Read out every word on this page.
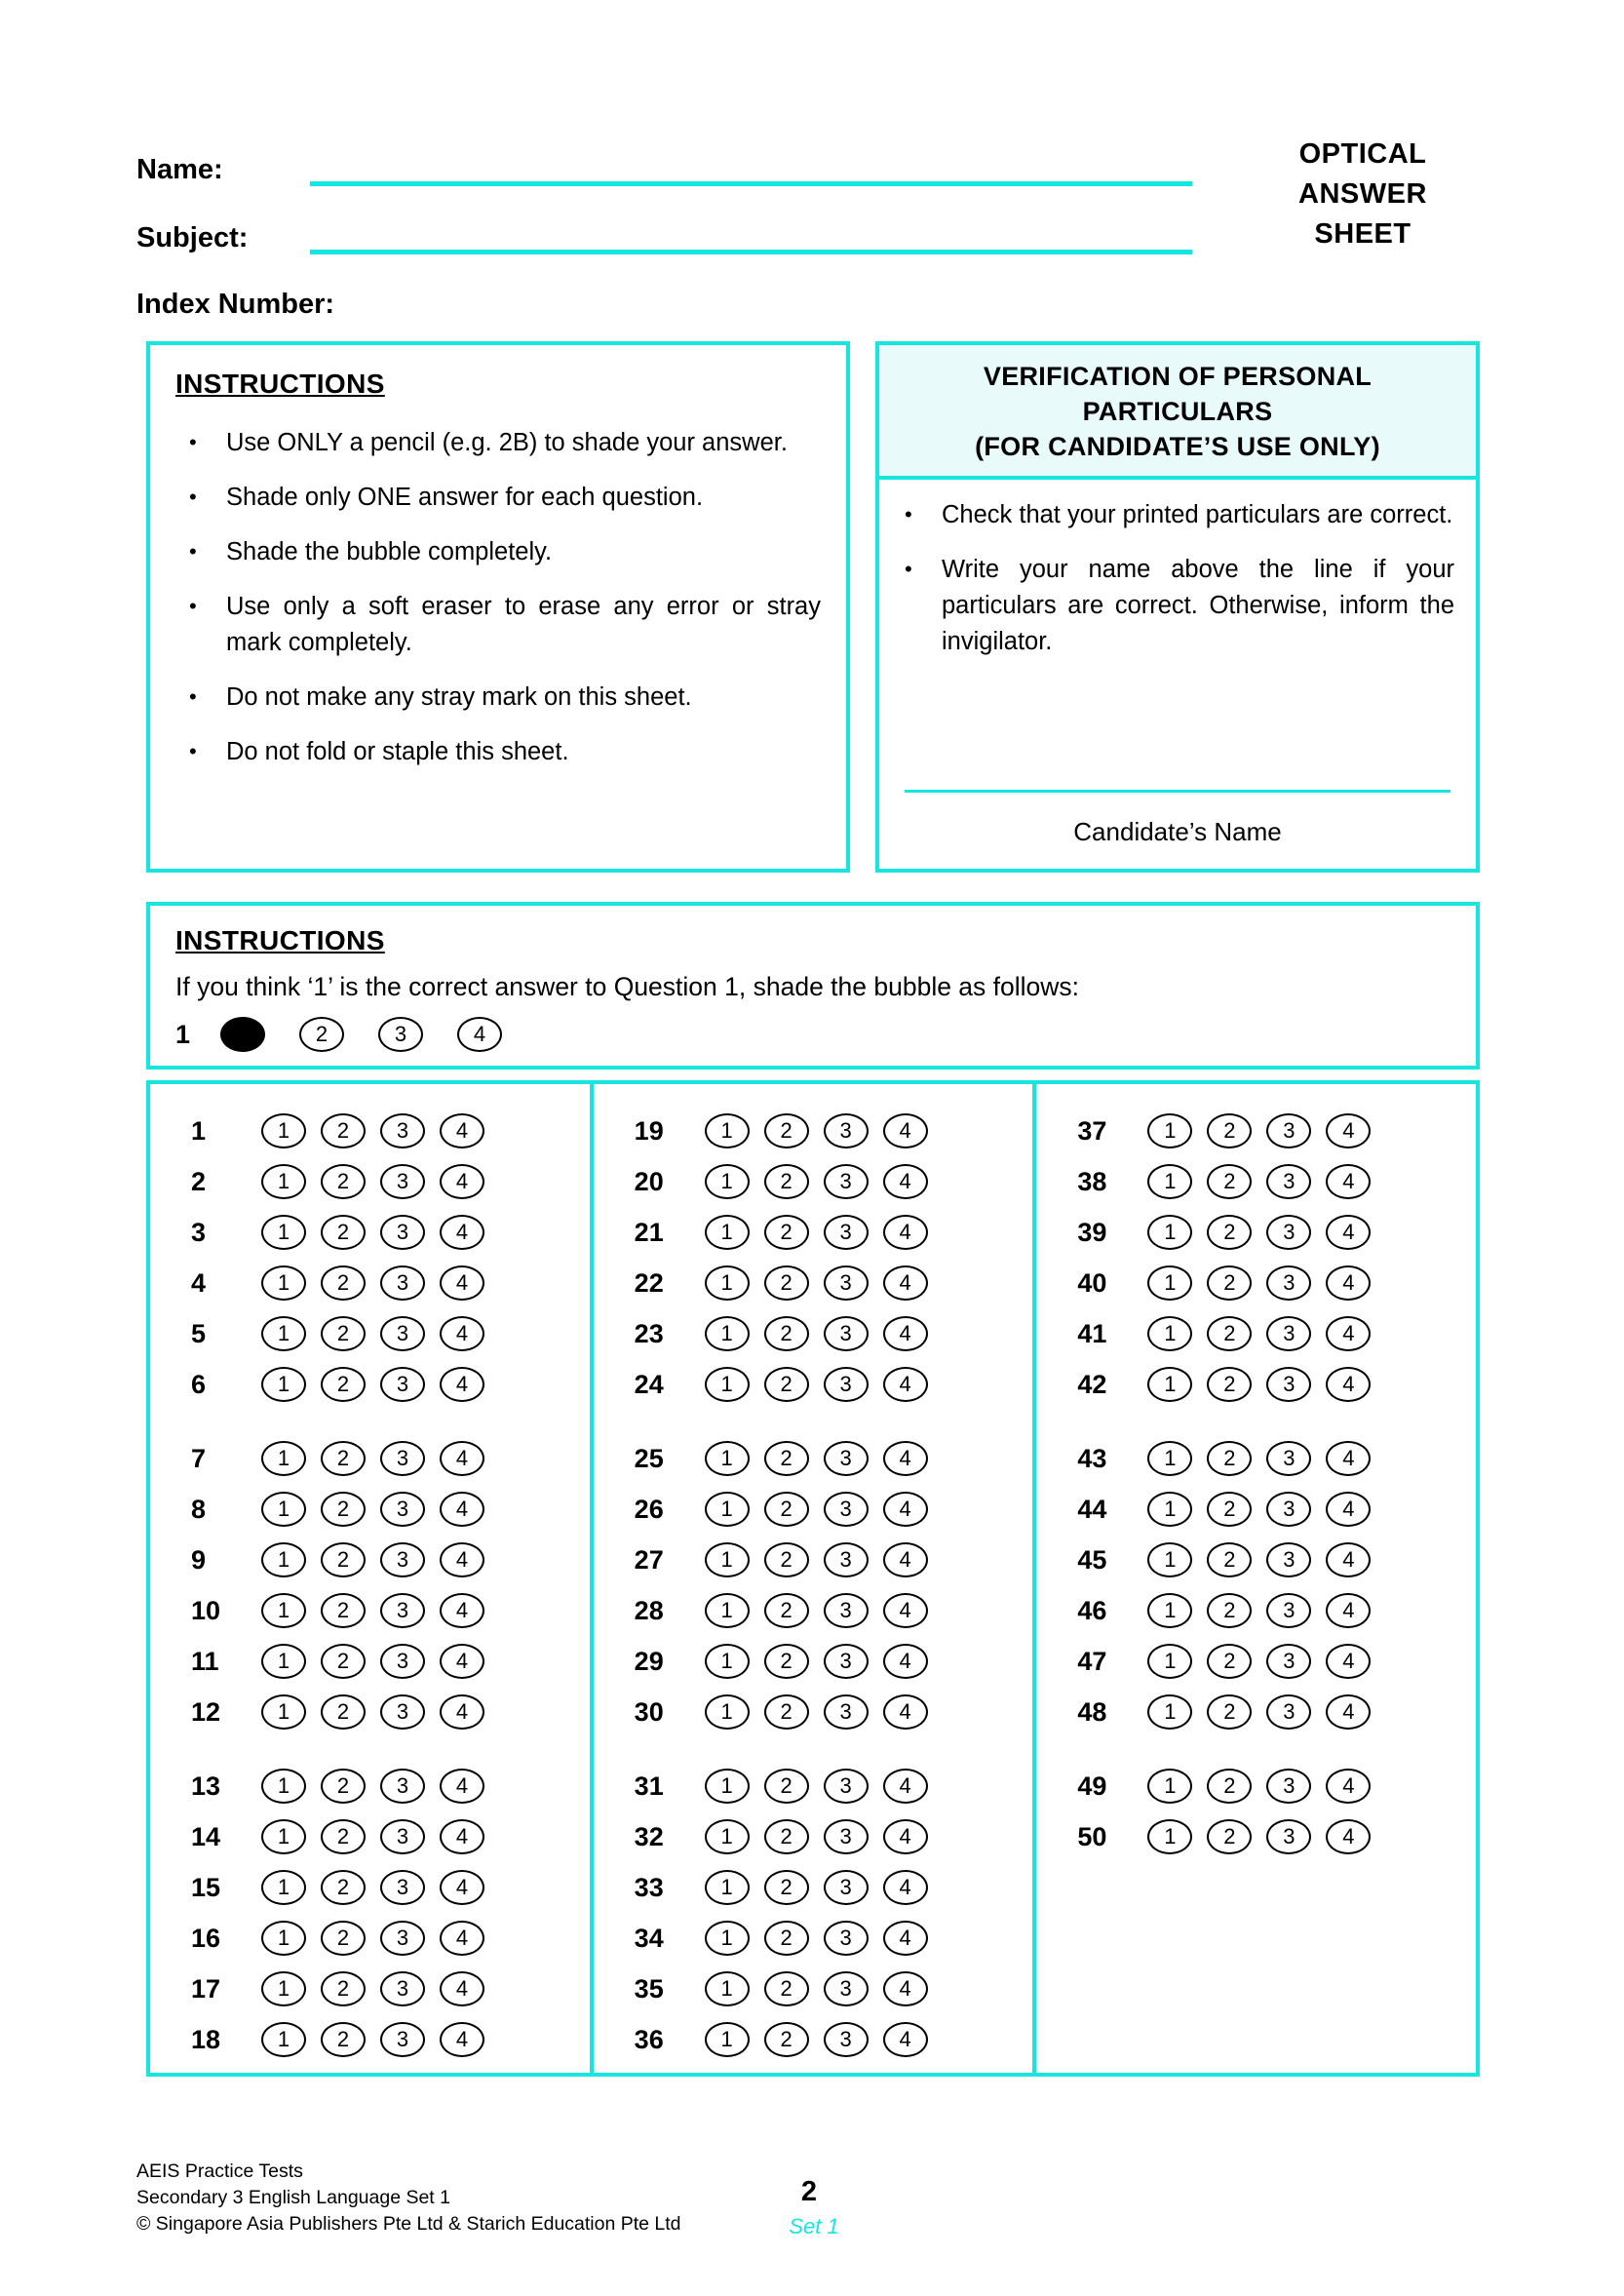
Name:
Subject:
Index Number:
OPTICAL
ANSWER
SHEET
INSTRUCTIONS
• Use ONLY a pencil (e.g. 2B) to shade your answer.
• Shade only ONE answer for each question.
• Shade the bubble completely.
• Use only a soft eraser to erase any error or stray mark completely.
• Do not make any stray mark on this sheet.
• Do not fold or staple this sheet.
VERIFICATION OF PERSONAL
PARTICULARS
(FOR CANDIDATE’S USE ONLY)
• Check that your printed particulars are correct.
• Write your name above the line if your particulars are correct. Otherwise, inform the invigilator.
Candidate’s Name
INSTRUCTIONS
If you think ‘1’ is the correct answer to Question 1, shade the bubble as follows:
1	2	3	4
1	1	2	3	4
2	1	2	3	4
3	1	2	3	4
4	1	2	3	4
5	1	2	3	4
6	1	2	3	4
7	1	2	3	4
8	1	2	3	4
9	1	2	3	4
10	1	2	3	4
11	1	2	3	4
12	1	2	3	4
13	1	2	3	4
14	1	2	3	4
15	1	2	3	4
16	1	2	3	4
17	1	2	3	4
18	1	2	3	4
19	1	2	3	4
20	1	2	3	4
21	1	2	3	4
22	1	2	3	4
23	1	2	3	4
24	1	2	3	4
25	1	2	3	4
26	1	2	3	4
27	1	2	3	4
28	1	2	3	4
29	1	2	3	4
30	1	2	3	4
31	1	2	3	4
32	1	2	3	4
33	1	2	3	4
34	1	2	3	4
35	1	2	3	4
36	1	2	3	4
37	1	2	3	4
38	1	2	3	4
39	1	2	3	4
40	1	2	3	4
41	1	2	3	4
42	1	2	3	4
43	1	2	3	4
44	1	2	3	4
45	1	2	3	4
46	1	2	3	4
47	1	2	3	4
48	1	2	3	4
49	1	2	3	4
50	1	2	3	4
AEIS Practice Tests
Secondary 3 English Language Set 1
© Singapore Asia Publishers Pte Ltd & Starich Education Pte Ltd
2
Set 1
